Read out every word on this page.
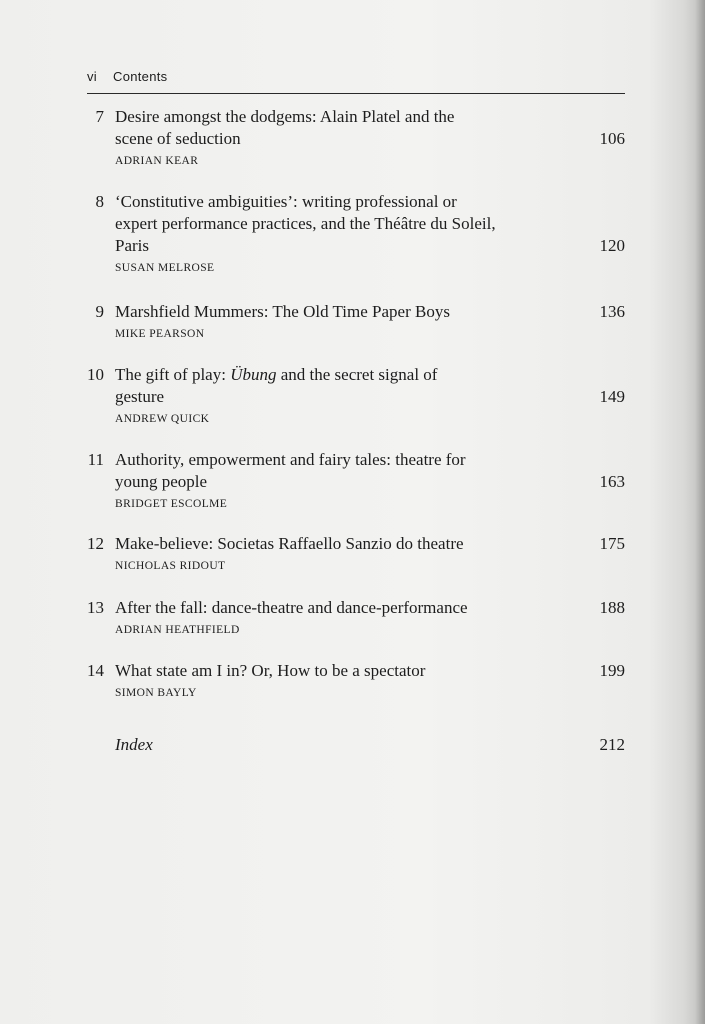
vi Contents
7 Desire amongst the dodgems: Alain Platel and the
scene of seduction	106
ADRIAN KEAR
8 ‘Constitutive ambiguities’: writing professional or
expert performance practices, and the Théâtre du Soleil,
Paris	120
SUSAN MELROSE
9 Marshfield Mummers: The Old Time Paper Boys	136
MIKE PEARSON
10 The gift of play: Übung and the secret signal of
gesture	149
ANDREW QUICK
11 Authority, empowerment and fairy tales: theatre for
young people	163
BRIDGET ESCOLME
12 Make-believe: Societas Raffaello Sanzio do theatre	175
NICHOLAS RIDOUT
13 After the fall: dance-theatre and dance-performance	188
ADRIAN HEATHFIELD
14 What state am I in? Or, How to be a spectator	199
SIMON BAYLY
Index	212
